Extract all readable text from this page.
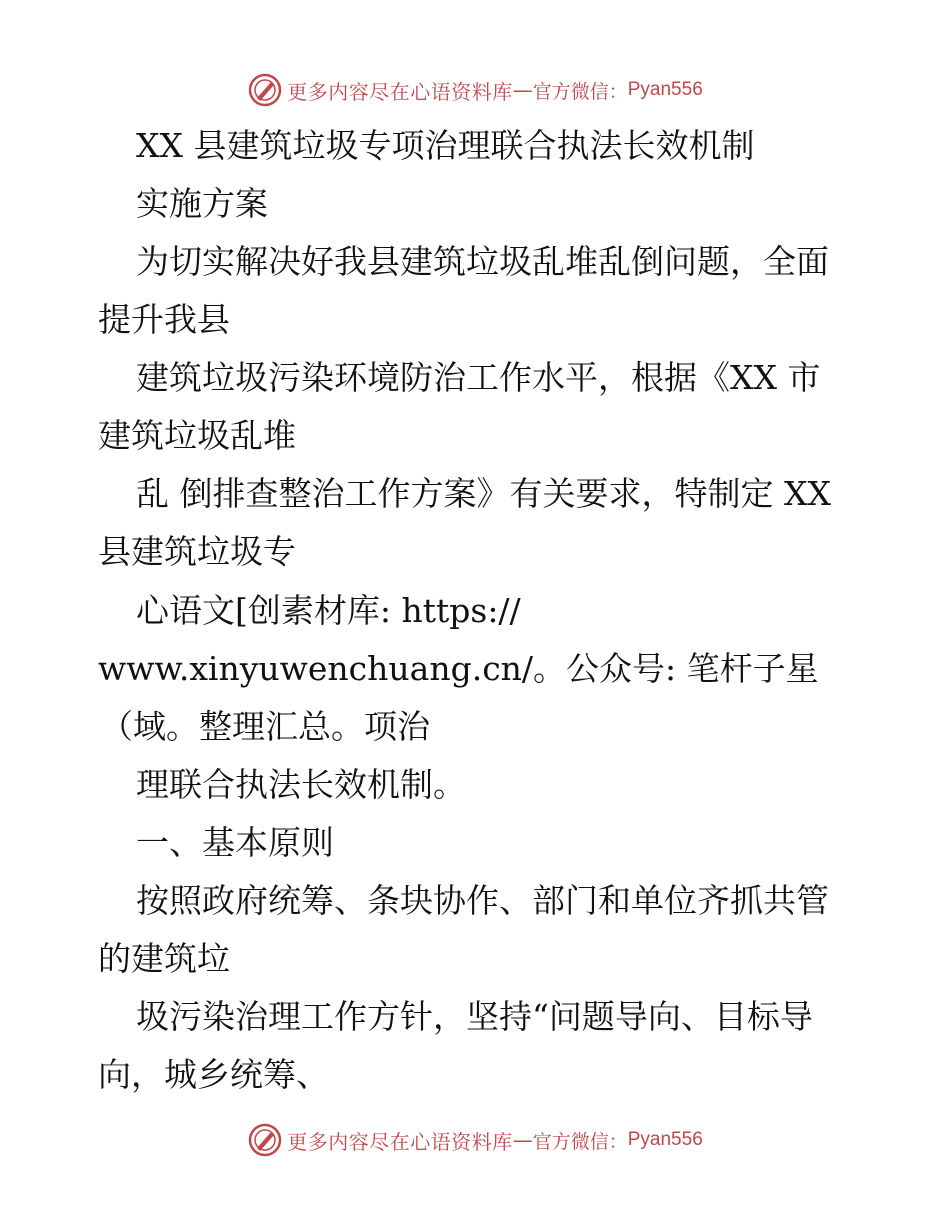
更多内容尽在心语资料库 — 官方微信： Pyan556
XX 县建筑垃圾专项治理联合执法长效机制
实施方案
为切实解决好我县建筑垃圾乱堆乱倒问题，全面
提升我县
建筑垃圾污染环境防治工作水平，根据《XX 市
建筑垃圾乱堆
乱 倒排查整治工作方案》有关要求，特制定 XX
县建筑垃圾专
心语文[创素材库: https://
www.xinyuwenchuang.cn/。公众号: 笔杆子星
（域。整理汇总。项治
理联合执法长效机制。
一、基本原则
按照政府统筹、条块协作、部门和单位齐抓共管
的建筑垃
圾污染治理工作方针，坚持“问题导向、目标导
向，城乡统筹、
更多内容尽在心语资料库 — 官方微信： Pyan556
